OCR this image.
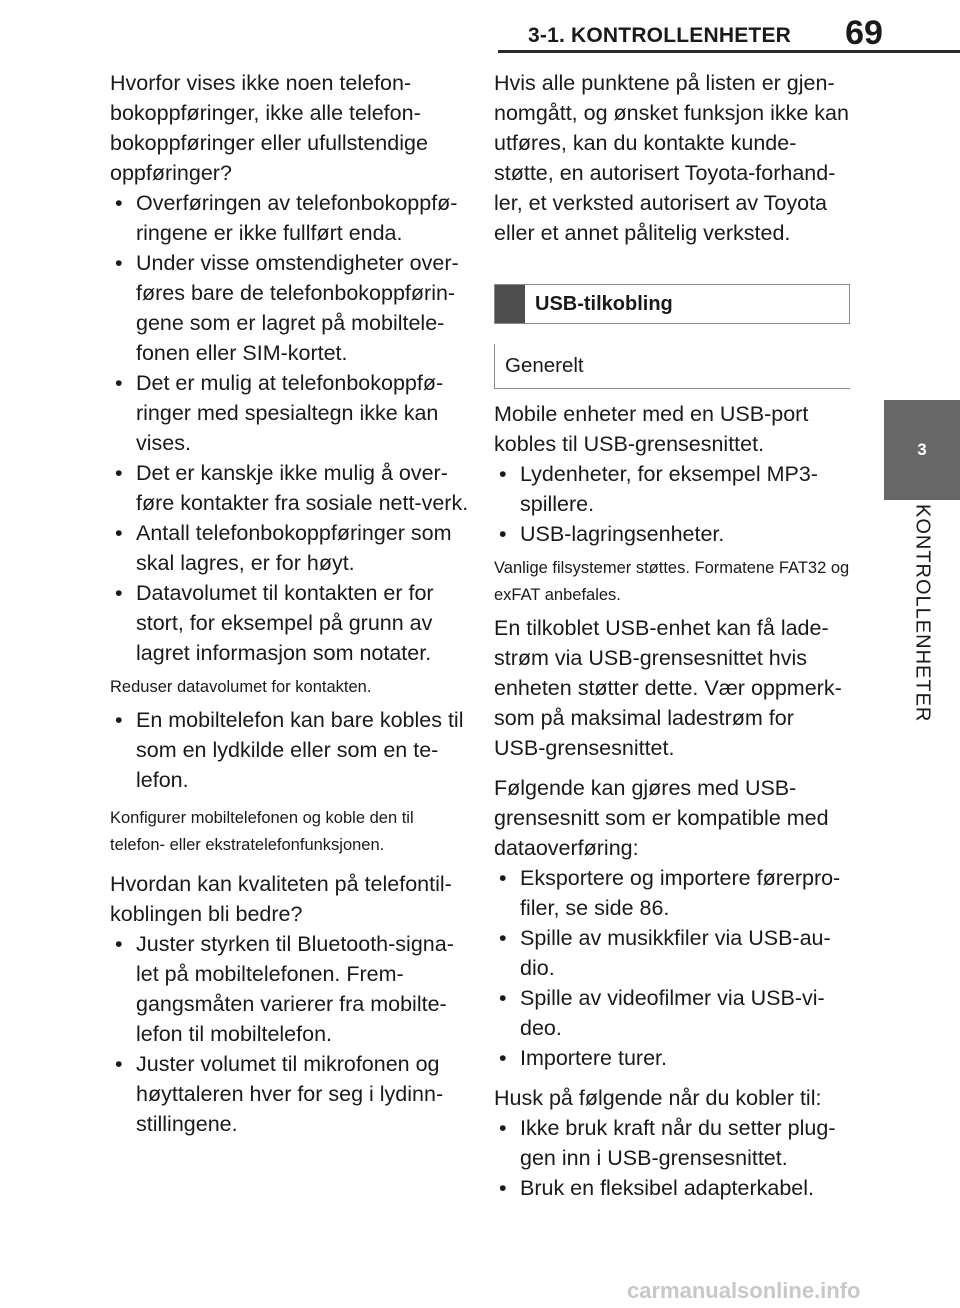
3-1. KONTROLLENHETER	69
3
KONTROLLENHETER

Hvorfor vises ikke noen telefon-bokoppføringer, ikke alle telefon-bokoppføringer eller ufullstendige oppføringer?

• Overføringen av telefonbokoppfø-ringene er ikke fullført enda.
• Under visse omstendigheter over-føres bare de telefonbokoppførin-gene som er lagret på mobiltele-fonen eller SIM-kortet.
• Det er mulig at telefonbokoppfø-ringer med spesialtegn ikke kan vises.
• Det er kanskje ikke mulig å over-føre kontakter fra sosiale nett-verk.
• Antall telefonbokoppføringer som skal lagres, er for høyt.
• Datavolumet til kontakten er for stort, for eksempel på grunn av lagret informasjon som notater.

Reduser datavolumet for kontakten.

• En mobiltelefon kan bare kobles til som en lydkilde eller som en te-lefon.

Konfigurer mobiltelefonen og koble den til telefon- eller ekstratelefonfunksjonen.

Hvordan kan kvaliteten på telefontil-koblingen bli bedre?

• Juster styrken til Bluetooth-signa-let på mobiltelefonen. Frem-gangsmåten varierer fra mobilte-lefon til mobiltelefon.
• Juster volumet til mikrofonen og høyttaleren hver for seg i lydinn-stillingene.

Hvis alle punktene på listen er gjen-nomgått, og ønsket funksjon ikke kan utføres, kan du kontakte kunde-støtte, en autorisert Toyota-forhand-ler, et verksted autorisert av Toyota eller et annet pålitelig verksted.

USB-tilkobling
Generelt

Mobile enheter med en USB-port kobles til USB-grensesnittet.

• Lydenheter, for eksempel MP3-spillere.
• USB-lagringsenheter.

Vanlige filsystemer støttes. Formatene FAT32 og exFAT anbefales.

En tilkoblet USB-enhet kan få lade-strøm via USB-grensesnittet hvis enheten støtter dette. Vær oppmerk-som på maksimal ladestrøm for USB-grensesnittet.

Følgende kan gjøres med USB-grensesnitt som er kompatible med dataoverføring:

• Eksportere og importere førerpro-filer, se side 86.
• Spille av musikkfiler via USB-au-dio.
• Spille av videofilmer via USB-vi-deo.
• Importere turer.

Husk på følgende når du kobler til:

• Ikke bruk kraft når du setter plug-gen inn i USB-grensesnittet.
• Bruk en fleksibel adapterkabel.
carmanualsonline.info
